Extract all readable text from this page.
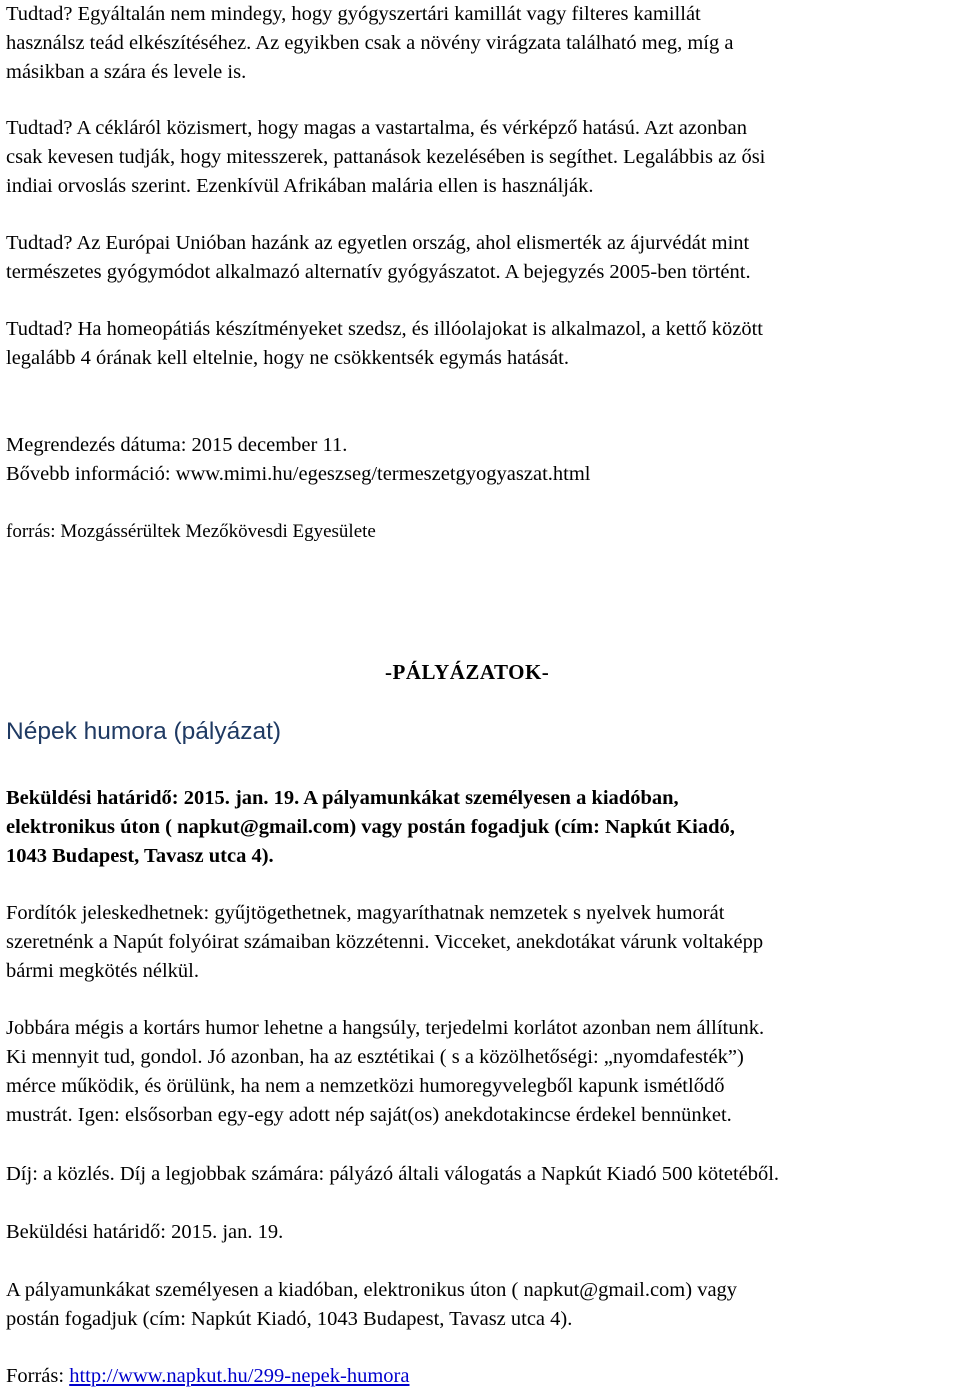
Tudtad? Egyáltalán nem mindegy, hogy gyógyszertári kamillát vagy filteres kamillát
használsz teád elkészítéséhez. Az egyikben csak a növény virágzata található meg, míg a
másikban a szára és levele is.

Tudtad? A cékláról közismert, hogy magas a vastartalma, és vérképző hatású. Azt azonban
csak kevesen tudják, hogy mitesszerek, pattanások kezelésében is segíthet. Legalábbis az ősi
indiai orvoslás szerint. Ezenkívül Afrikában malária ellen is használják.

Tudtad? Az Európai Unióban hazánk az egyetlen ország, ahol elismerték az ájurvédát mint
természetes gyógymódot alkalmazó alternatív gyógyászatot. A bejegyzés 2005-ben történt.

Tudtad? Ha homeopátiás készítményeket szedsz, és illóolajokat is alkalmazol, a kettő között
legalább 4 órának kell eltelnie, hogy ne csökkentsék egymás hatását.

Megrendezés dátuma: 2015 december 11.
Bővebb információ: www.mimi.hu/egeszseg/termeszetgyogyaszat.html

forrás: Mozgássérültek Mezőkövesdi Egyesülete

-PÁLYÁZATOK-
Népek humora (pályázat)

Beküldési határidő: 2015. jan. 19. A pályamunkákat személyesen a kiadóban,
elektronikus úton ( napkut@gmail.com) vagy postán fogadjuk (cím: Napkút Kiadó,
1043 Budapest, Tavasz utca 4).

Fordítók jeleskedhetnek: gyűjtögethetnek, magyaríthatnak nemzetek s nyelvek humorát
szeretnénk a Napút folyóirat számaiban közzétenni. Vicceket, anekdotákat várunk voltaképp
bármi megkötés nélkül.

Jobbára mégis a kortárs humor lehetne a hangsúly, terjedelmi korlátot azonban nem állítunk.
Ki mennyit tud, gondol. Jó azonban, ha az esztétikai ( s a közölhetőségi: „nyomdafesték”)
mérce működik, és örülünk, ha nem a nemzetközi humoregyvelegből kapunk ismétlődő
mustrát. Igen: elsősorban egy-egy adott nép saját(os) anekdotakincse érdekel bennünket.

Díj: a közlés. Díj a legjobbak számára: pályázó általi válogatás a Napkút Kiadó 500 kötetéből.

Beküldési határidő: 2015. jan. 19.

A pályamunkákat személyesen a kiadóban, elektronikus úton ( napkut@gmail.com) vagy
postán fogadjuk (cím: Napkút Kiadó, 1043 Budapest, Tavasz utca 4).

Forrás: http://www.napkut.hu/299-nepek-humora
